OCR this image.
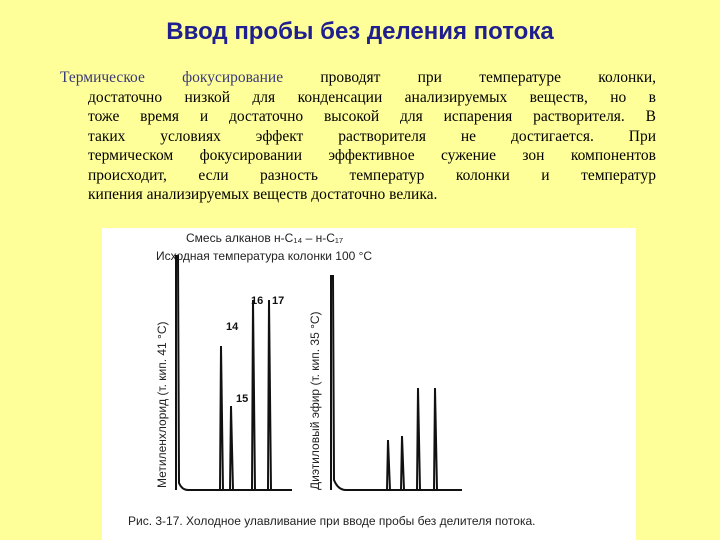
Ввод пробы без деления потока
Термическое фокусирование проводят при температуре колонки,
достаточно низкой для конденсации анализируемых веществ, но в
тоже время и достаточно высокой для испарения растворителя. В
таких условиях эффект растворителя не достигается. При
термическом фокусировании эффективное сужение зон компонентов
происходит, если разность температур колонки и температур
кипения анализируемых веществ достаточно велика.
Смесь алканов н-C₁₄ – н-C₁₇
Исходная температура колонки 100 °C
Метиленхлорид (т. кип. 41 °C)	Диэтиловый эфир (т. кип. 35 °C)
14
15
16 17
Рис. 3-17. Холодное улавливание при вводе пробы без делителя потока.
